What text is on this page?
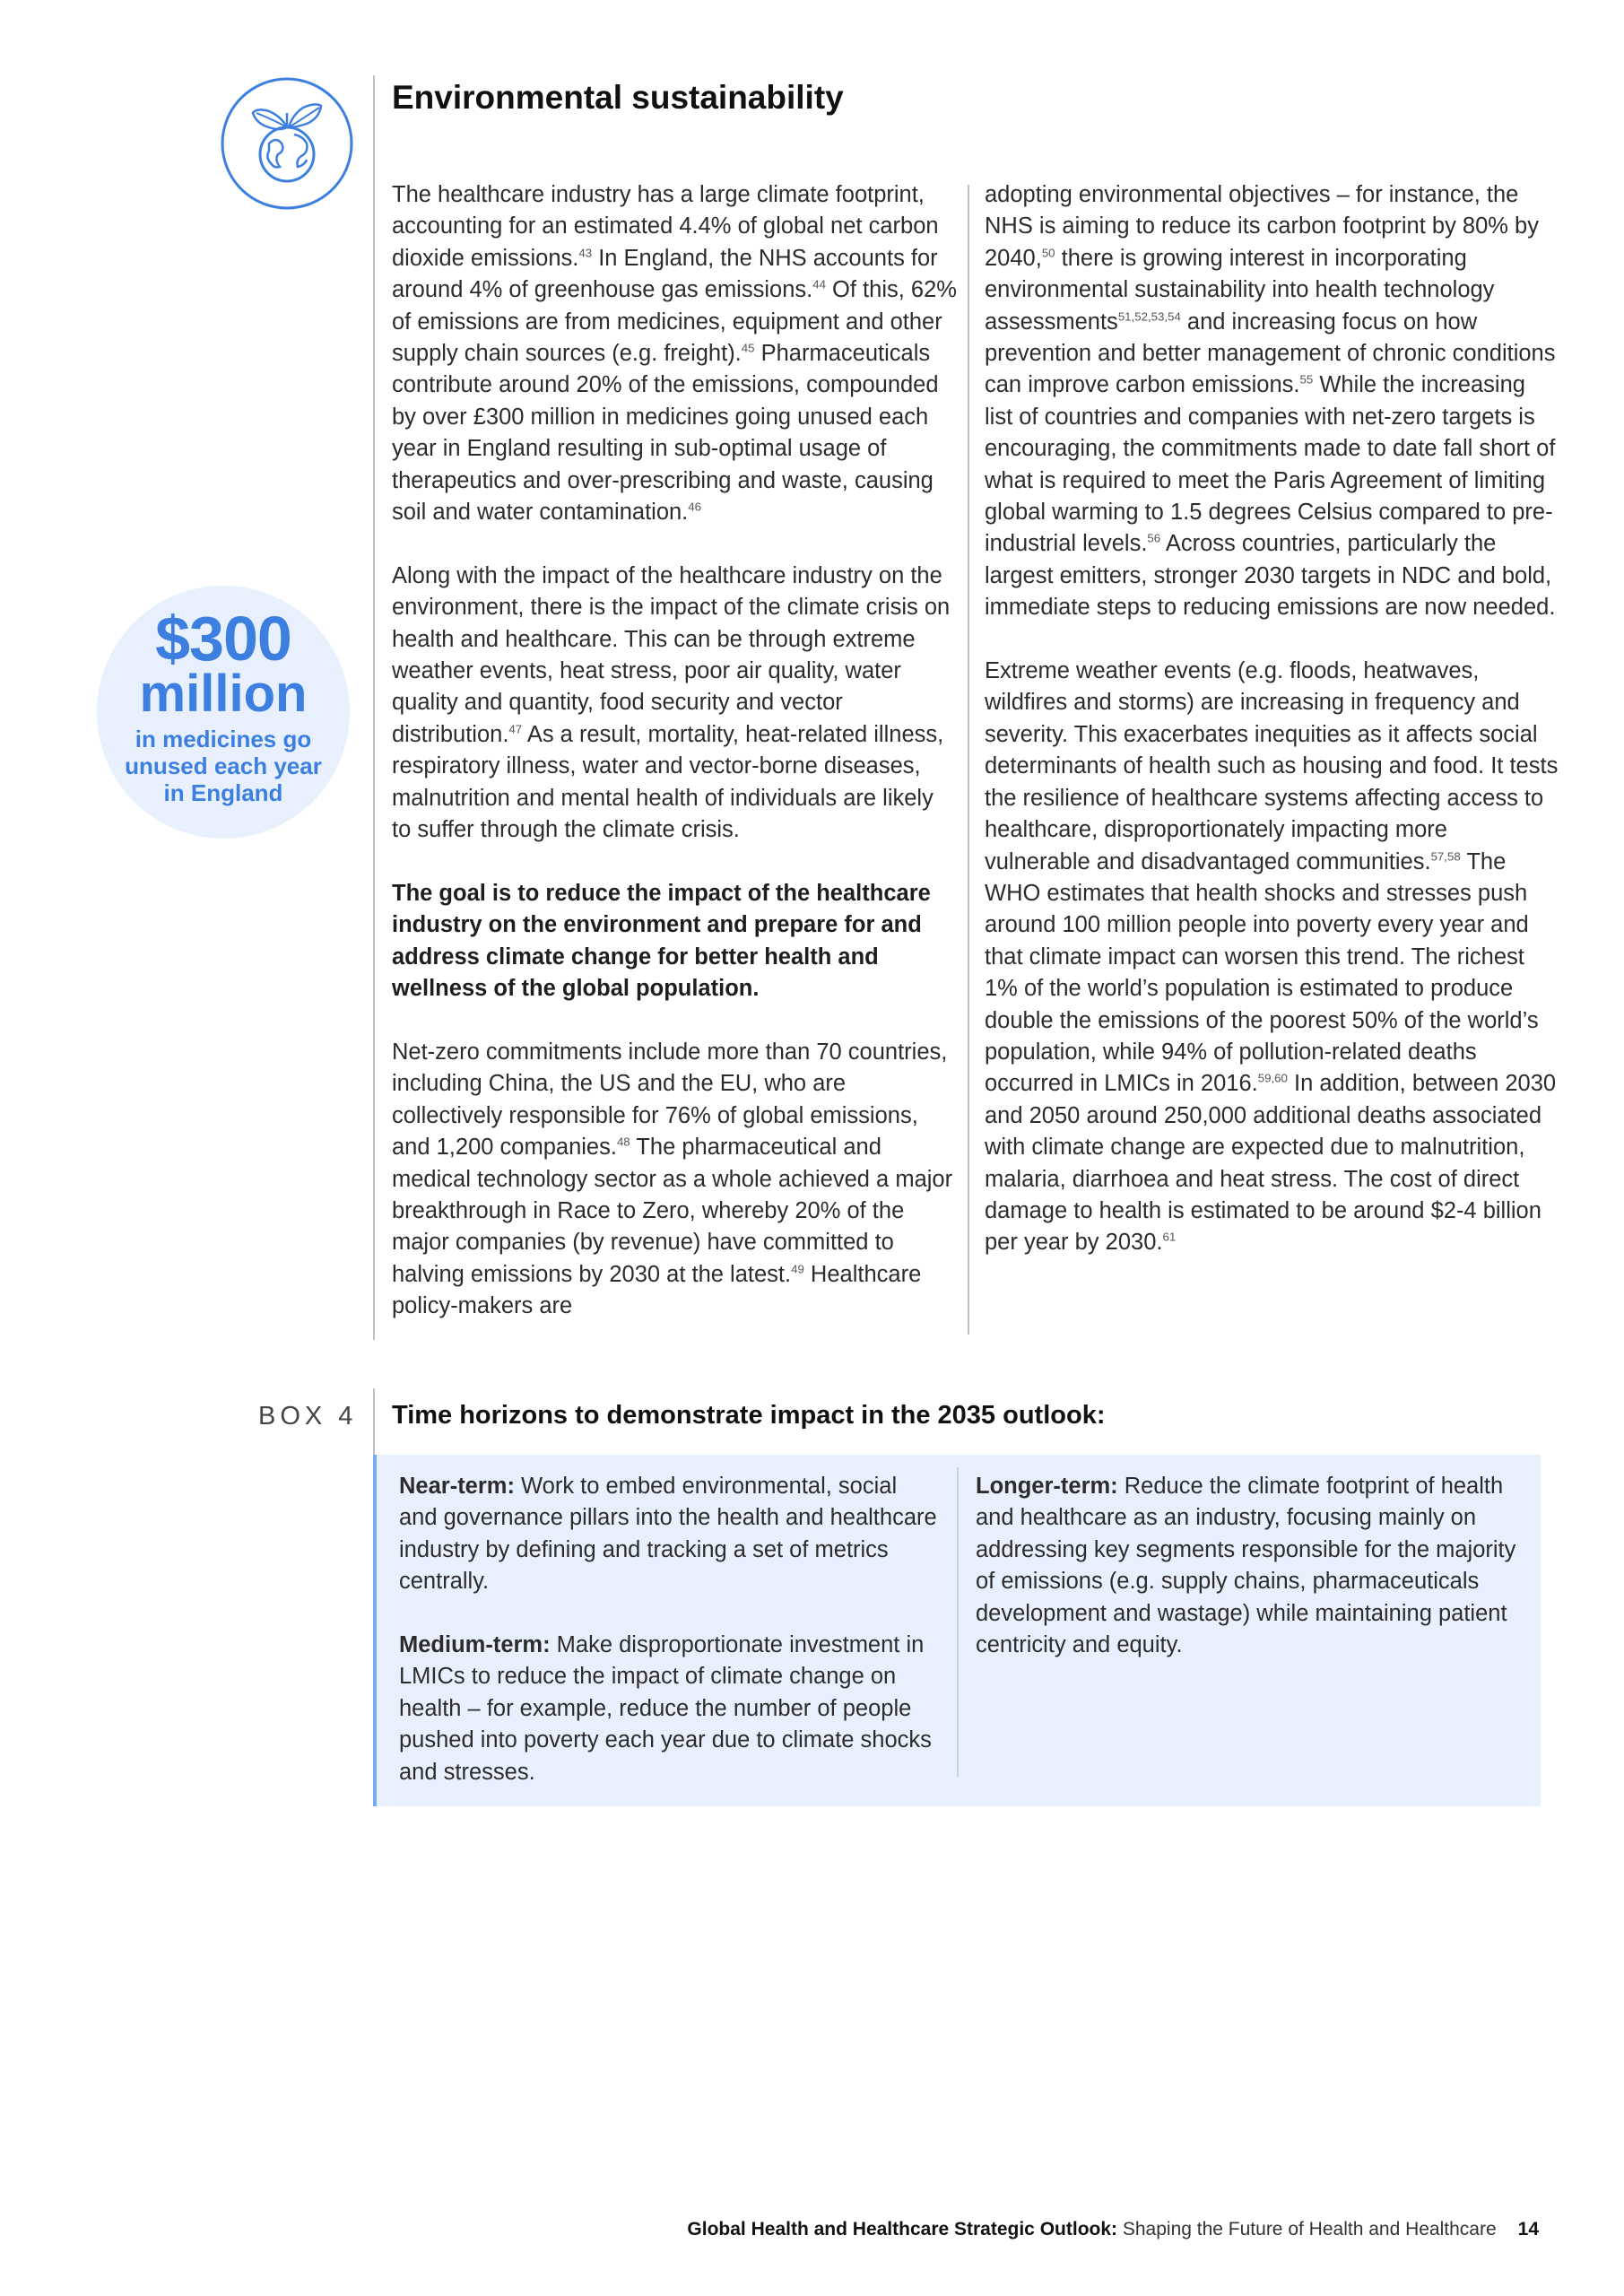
Environmental sustainability
$300
million
in medicines go
unused each year
in England

The healthcare industry has a large climate footprint, accounting for an estimated 4.4% of global net carbon dioxide emissions.$^{43}$ In England, the NHS accounts for around 4% of greenhouse gas emissions.$^{44}$ Of this, 62% of emissions are from medicines, equipment and other supply chain sources (e.g. freight).$^{45}$ Pharmaceuticals contribute around 20% of the emissions, compounded by over £300 million in medicines going unused each year in England resulting in sub-optimal usage of therapeutics and over-prescribing and waste, causing soil and water contamination.$^{46}$

Along with the impact of the healthcare industry on the environment, there is the impact of the climate crisis on health and healthcare. This can be through extreme weather events, heat stress, poor air quality, water quality and quantity, food security and vector distribution.$^{47}$ As a result, mortality, heat-related illness, respiratory illness, water and vector-borne diseases, malnutrition and mental health of individuals are likely to suffer through the climate crisis.

The goal is to reduce the impact of the healthcare industry on the environment and prepare for and address climate change for better health and wellness of the global population.

Net-zero commitments include more than 70 countries, including China, the US and the EU, who are collectively responsible for 76% of global emissions, and 1,200 companies.$^{48}$ The pharmaceutical and medical technology sector as a whole achieved a major breakthrough in Race to Zero, whereby 20% of the major companies (by revenue) have committed to halving emissions by 2030 at the latest.$^{49}$ Healthcare policy-makers are

adopting environmental objectives – for instance, the NHS is aiming to reduce its carbon footprint by 80% by 2040,50 there is growing interest in incorporating environmental sustainability into health technology assessments$^{51,52,53,54}$ and increasing focus on how prevention and better management of chronic conditions can improve carbon emissions.$^{55}$ While the increasing list of countries and companies with net-zero targets is encouraging, the commitments made to date fall short of what is required to meet the Paris Agreement of limiting global warming to 1.5 degrees Celsius compared to pre-industrial levels.$^{56}$ Across countries, particularly the largest emitters, stronger 2030 targets in NDC and bold, immediate steps to reducing emissions are now needed.

Extreme weather events (e.g. floods, heatwaves, wildfires and storms) are increasing in frequency and severity. This exacerbates inequities as it affects social determinants of health such as housing and food. It tests the resilience of healthcare systems affecting access to healthcare, disproportionately impacting more vulnerable and disadvantaged communities.$^{57,58}$ The WHO estimates that health shocks and stresses push around 100 million people into poverty every year and that climate impact can worsen this trend. The richest 1% of the world’s population is estimated to produce double the emissions of the poorest 50% of the world’s population, while 94% of pollution-related deaths occurred in LMICs in 2016.$^{59,60}$ In addition, between 2030 and 2050 around 250,000 additional deaths associated with climate change are expected due to malnutrition, malaria, diarrhoea and heat stress. The cost of direct damage to health is estimated to be around $2-4 billion per year by 2030.61

BOX 4 Time horizons to demonstrate impact in the 2035 outlook:

Near-term: Work to embed environmental, social and governance pillars into the health and healthcare industry by defining and tracking a set of metrics centrally.

Medium-term: Make disproportionate investment in LMICs to reduce the impact of climate change on health – for example, reduce the number of people pushed into poverty each year due to climate shocks and stresses.

Longer-term: Reduce the climate footprint of health and healthcare as an industry, focusing mainly on addressing key segments responsible for the majority of emissions (e.g. supply chains, pharmaceuticals development and wastage) while maintaining patient centricity and equity.

Global Health and Healthcare Strategic Outlook: Shaping the Future of Health and Healthcare 14
